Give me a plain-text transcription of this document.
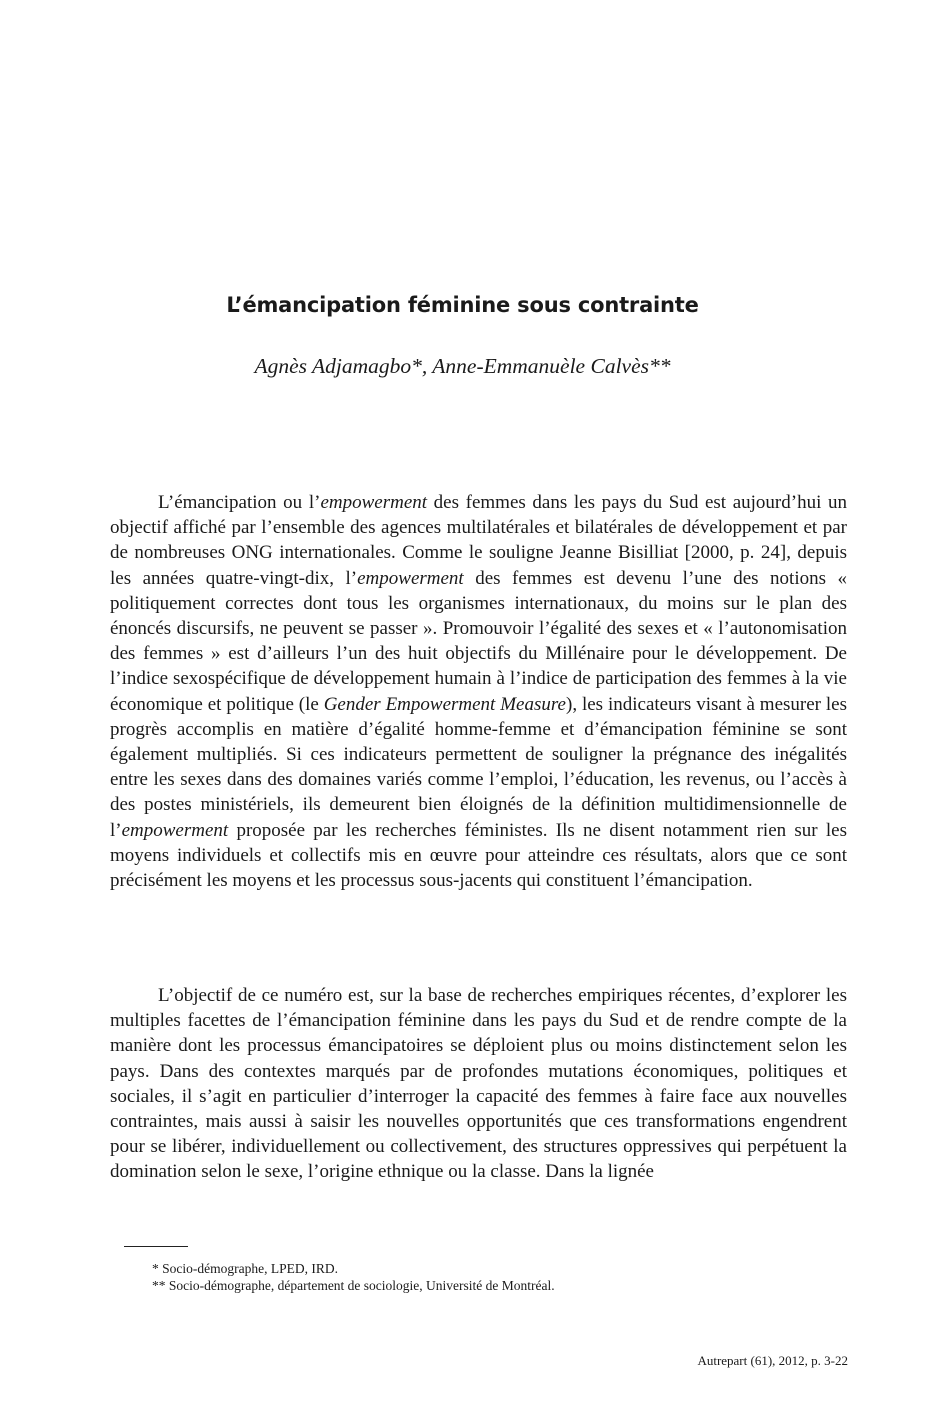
L’émancipation féminine sous contrainte
Agnès Adjamagbo*, Anne-Emmanuèle Calvès**

L’émancipation ou l’empowerment des femmes dans les pays du Sud est aujourd’hui un objectif affiché par l’ensemble des agences multilatérales et bilatérales de développement et par de nombreuses ONG internationales. Comme le souligne Jeanne Bisilliat [2000, p. 24], depuis les années quatre-vingt-dix, l’empowerment des femmes est devenu l’une des notions « politiquement correctes dont tous les organismes internationaux, du moins sur le plan des énoncés discursifs, ne peuvent se passer ». Promouvoir l’égalité des sexes et « l’autonomisation des femmes » est d’ailleurs l’un des huit objectifs du Millénaire pour le développement. De l’indice sexospécifique de développement humain à l’indice de participation des femmes à la vie économique et politique (le Gender Empowerment Measure), les indicateurs visant à mesurer les progrès accomplis en matière d’égalité homme-femme et d’émancipation féminine se sont également multipliés. Si ces indicateurs permettent de souligner la prégnance des inégalités entre les sexes dans des domaines variés comme l’emploi, l’éducation, les revenus, ou l’accès à des postes ministériels, ils demeurent bien éloignés de la définition multidimensionnelle de l’empowerment proposée par les recherches féministes. Ils ne disent notamment rien sur les moyens individuels et collectifs mis en œuvre pour atteindre ces résultats, alors que ce sont précisément les moyens et les processus sous-jacents qui constituent l’émancipation.

L’objectif de ce numéro est, sur la base de recherches empiriques récentes, d’explorer les multiples facettes de l’émancipation féminine dans les pays du Sud et de rendre compte de la manière dont les processus émancipatoires se déploient plus ou moins distinctement selon les pays. Dans des contextes marqués par de profondes mutations économiques, politiques et sociales, il s’agit en particulier d’interroger la capacité des femmes à faire face aux nouvelles contraintes, mais aussi à saisir les nouvelles opportunités que ces transformations engendrent pour se libérer, individuellement ou collectivement, des structures oppressives qui perpétuent la domination selon le sexe, l’origine ethnique ou la classe. Dans la lignée

* Socio-démographe, LPED, IRD.
** Socio-démographe, département de sociologie, Université de Montréal.
Autrepart (61), 2012, p. 3-22
